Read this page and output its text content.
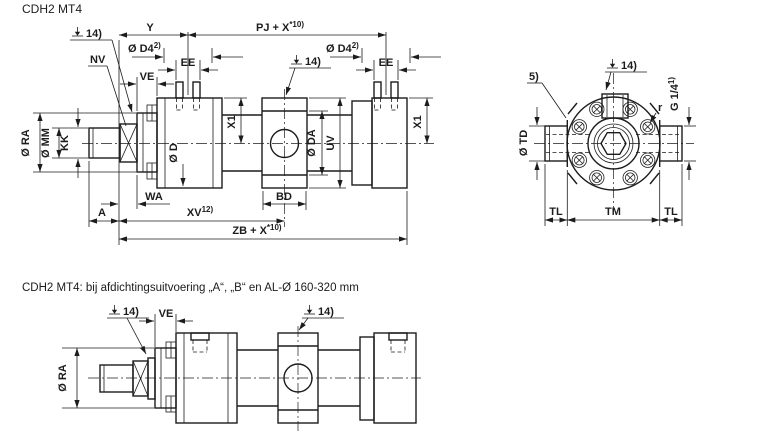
CDH2 MT4
Y	PJ + $X^{*10)}$
Ø D4$^{2)}$	Ø D4$^{2)}$
EE	EE
VE
NV
14)
14)
X1	X1
Ø RA Ø MM KK
Ø D	Ø DA UV
WA
A	XV$^{12)}$
BD
ZB + $X^{*10)}$
5)
14)
G 1/4$^{1)}$
r
Ø TD
TL	TM	TL
CDH2 MT4: bij afdichtingsuitvoering „A“, „B“ en AL-Ø 160-320 mm
14)	14)
VE
Ø RA
